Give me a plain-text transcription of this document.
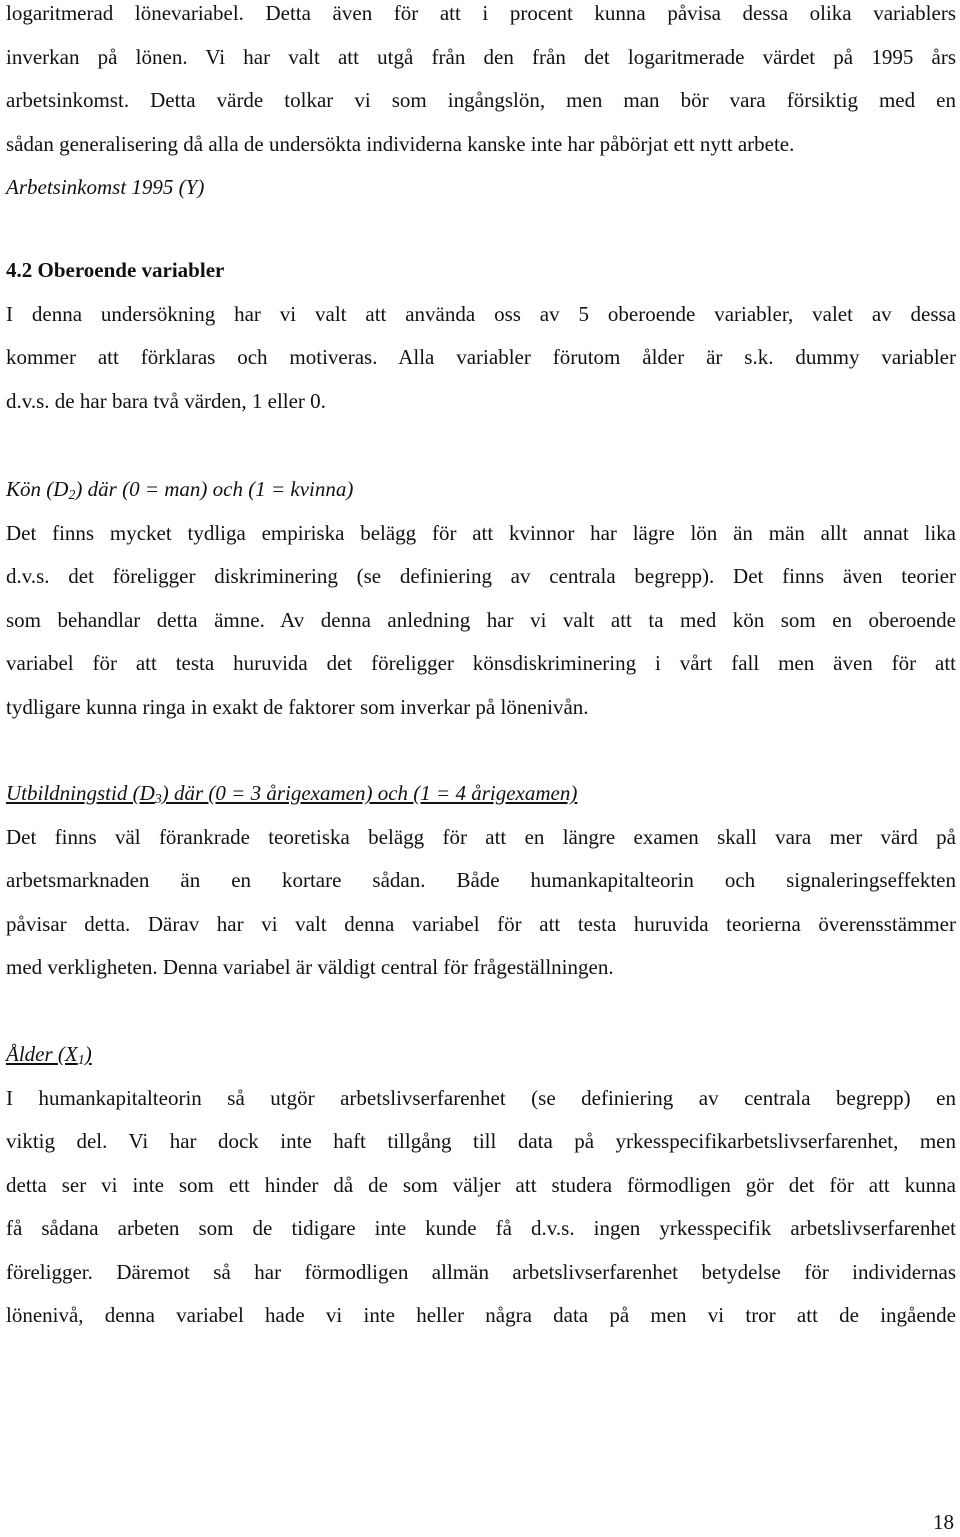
logaritmerad lönevariabel. Detta även för att i procent kunna påvisa dessa olika variablers
inverkan på lönen. Vi har valt att utgå från den från det logaritmerade värdet på 1995 års
arbetsinkomst. Detta värde tolkar vi som ingångslön, men man bör vara försiktig med en
sådan generalisering då alla de undersökta individerna kanske inte har påbörjat ett nytt arbete.
Arbetsinkomst 1995 (Y)
4.2 Oberoende variabler
I denna undersökning har vi valt att använda oss av 5 oberoende variabler, valet av dessa
kommer att förklaras och motiveras. Alla variabler förutom ålder är s.k. dummy variabler
d.v.s. de har bara två värden, 1 eller 0.
Kön $(D_2)$ där (0 = man) och (1 = kvinna)
Det finns mycket tydliga empiriska belägg för att kvinnor har lägre lön än män allt annat lika
d.v.s. det föreligger diskriminering (se definiering av centrala begrepp). Det finns även teorier
som behandlar detta ämne. Av denna anledning har vi valt att ta med kön som en oberoende
variabel för att testa huruvida det föreligger könsdiskriminering i vårt fall men även för att
tydligare kunna ringa in exakt de faktorer som inverkar på lönenivån.
Utbildningstid $(D_3)$ där (0 = 3 årigexamen) och (1 = 4 årigexamen)
Det finns väl förankrade teoretiska belägg för att en längre examen skall vara mer värd på
arbetsmarknaden än en kortare sådan. Både humankapitalteorin och signaleringseffekten
påvisar detta. Därav har vi valt denna variabel för att testa huruvida teorierna överensstämmer
med verkligheten. Denna variabel är väldigt central för frågeställningen.
Ålder $(X_1)$
I humankapitalteorin så utgör arbetslivserfarenhet (se definiering av centrala begrepp) en
viktig del. Vi har dock inte haft tillgång till data på yrkesspecifikarbetslivserfarenhet, men
detta ser vi inte som ett hinder då de som väljer att studera förmodligen gör det för att kunna
få sådana arbeten som de tidigare inte kunde få d.v.s. ingen yrkesspecifik arbetslivserfarenhet
föreligger. Däremot så har förmodligen allmän arbetslivserfarenhet betydelse för individernas
lönenivå, denna variabel hade vi inte heller några data på men vi tror att de ingående
18
